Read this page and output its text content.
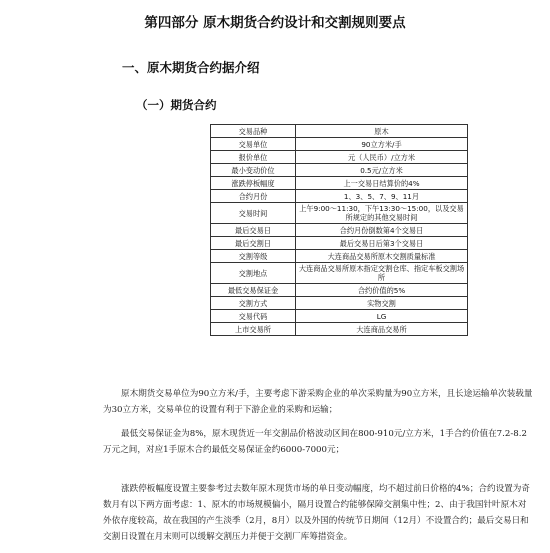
第四部分 原木期货合约设计和交割规则要点
一、原木期货合约据介绍
（一）期货合约
交易品种	原木
交易单位	90立方米/手
报价单位	元（人民币）/立方米
最小变动价位	0.5元/立方米
涨跌停板幅度	上一交易日结算价的4%
合约月份	1、3、5、7、9、11月
交易时间	上午9:00～11:30，下午13:30～15:00，以及交易所规定的其他交易时间
最后交易日	合约月份倒数第4个交易日
最后交割日	最后交易日后第3个交易日
交割等级	大连商品交易所原木交割质量标准
交割地点	大连商品交易所原木指定交割仓库、指定车板交割场所
最低交易保证金	合约价值的5%
交割方式	实物交割
交易代码	LG
上市交易所	大连商品交易所

原木期货交易单位为90立方米/手，主要考虑下游采购企业的单次采购量为90立方米，且长途运输单次装载量为30立方米，交易单位的设置有利于下游企业的采购和运输；

最低交易保证金为8%，原木现货近一年交割品价格波动区间在800-910元/立方米，1手合约价值在7.2-8.2万元之间，对应1手原木合约最低交易保证金约6000-7000元；

涨跌停板幅度设置主要参考过去数年原木现货市场的单日变动幅度，均不超过前日价格的4%；合约设置为奇数月有以下两方面考虑：1、原木的市场规模偏小，隔月设置合约能够保障交割集中性；2、由于我国针叶原木对外依存度较高，故在我国的产生淡季（2月，8月）以及外国的传统节日期间（12月）不设置合约；最后交易日和交割日设置在月末则可以缓解交割压力并便于交割厂库筹措资金。
